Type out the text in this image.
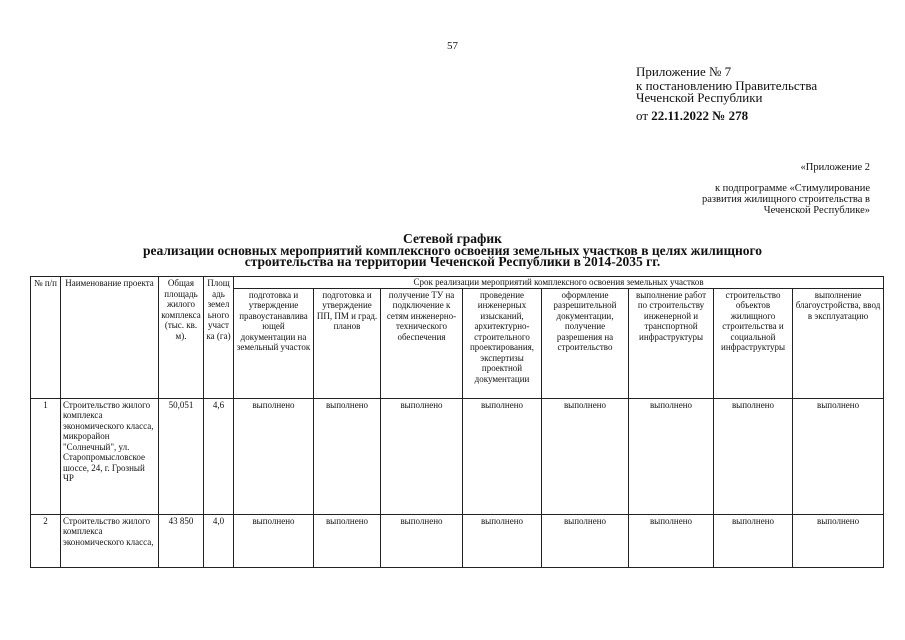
57
Приложение № 7
к постановлению Правительства
Чеченской Республики
от 22.11.2022 № 278
«Приложение 2
к подпрограмме «Стимулирование
развития жилищного строительства в
Чеченской Республике»
Сетевой график
реализации основных мероприятий комплексного освоения земельных участков в целях жилищного
строительства на территории Чеченской Республики в 2014-2035 гг.
№ п/п	Наименование проекта	Общая площадь жилого комплекса (тыс. кв. м).	Площадь земельного участка (га)	Срок реализации мероприятий комплексного освоения земельных участков							
				подготовка и утверждение правоустанавливающей документации на земельный участок	подготовка и утверждение ПП, ПМ и град. планов	получение ТУ на подключение к сетям инженерно-технического обеспечения	проведение инженерных изысканий, архитектурно-строительного проектирования, экспертизы проектной документации	оформление разрешительной документации, получение разрешения на строительство	выполнение работ по строительству инженерной и транспортной инфраструктуры	строительство объектов жилищного строительства и социальной инфраструктуры	выполнение благоустройства, ввод в эксплуатацию
1	Строительство жилого комплекса экономического класса, микрорайон "Солнечный", ул. Старопромысловское шоссе, 24, г. Грозный ЧР	50,051	4,6	выполнено	выполнено	выполнено	выполнено	выполнено	выполнено	выполнено	выполнено
2	Строительство жилого комплекса экономического класса,	43 850	4,0	выполнено	выполнено	выполнено	выполнено	выполнено	выполнено	выполнено	выполнено
